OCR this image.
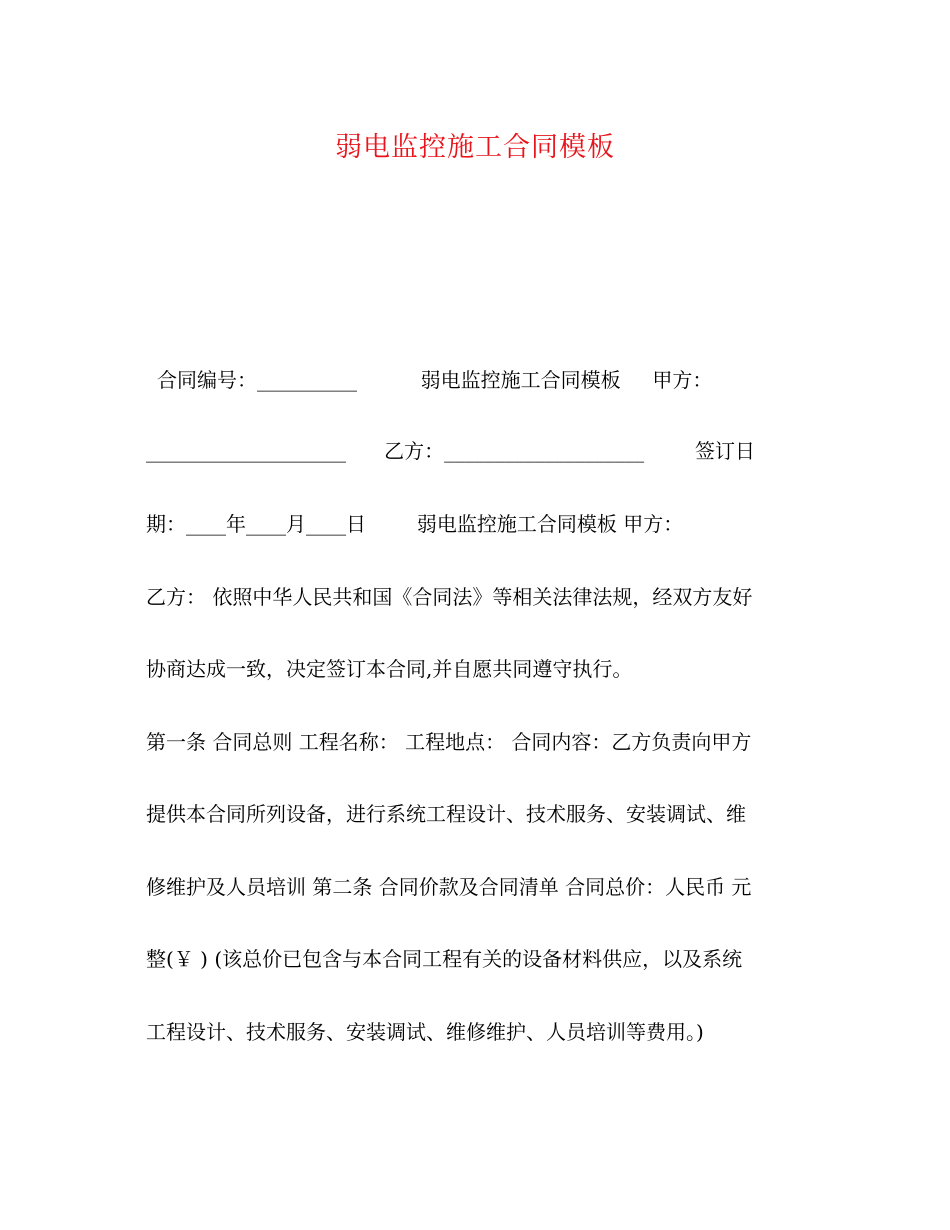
弱电监控施工合同模板

合同编号：__________          弱电监控施工合同模板     甲方：

____________________      乙方：____________________        签订日

期：____年____月____日        弱电监控施工合同模板 甲方：

乙方： 依照中华人民共和国《合同法》等相关法律法规，经双方友好

协商达成一致，决定签订本合同,并自愿共同遵守执行。

第一条 合同总则 工程名称： 工程地点： 合同内容：乙方负责向甲方

提供本合同所列设备，进行系统工程设计、技术服务、安装调试、维

修维护及人员培训 第二条 合同价款及合同清单 合同总价：人民币 元

整(￥ ) (该总价已包含与本合同工程有关的设备材料供应，以及系统

工程设计、技术服务、安装调试、维修维护、人员培训等费用。)
